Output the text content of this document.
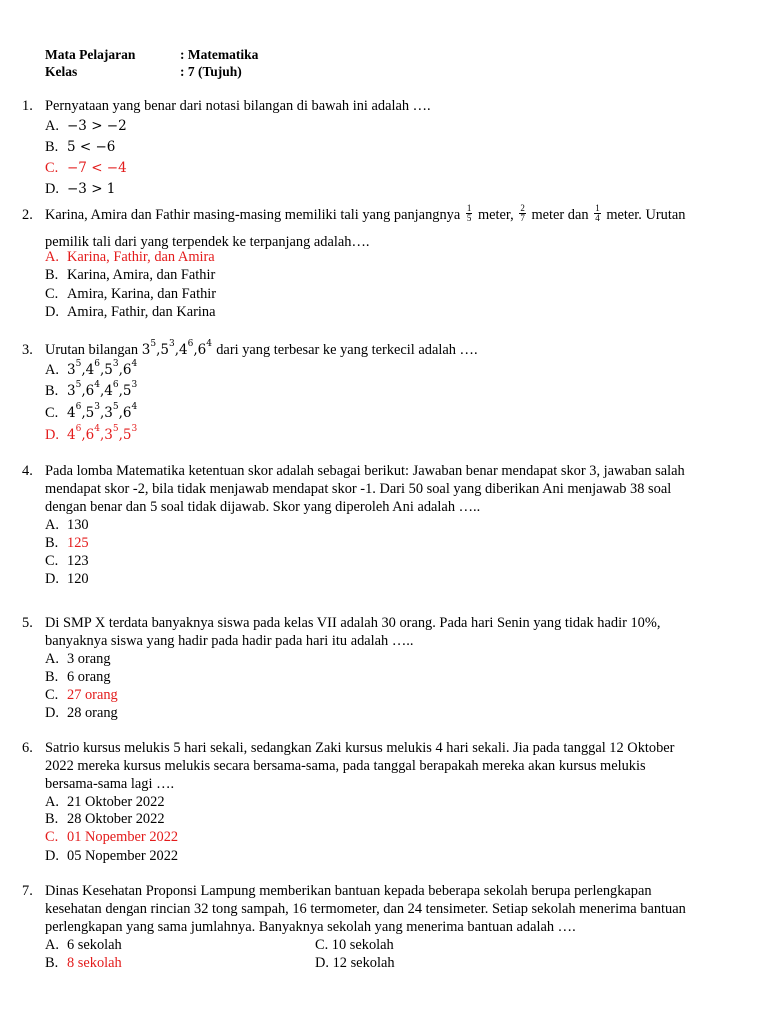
Mata Pelajaran	: Matematika
Kelas	: 7 (Tujuh)
1. Pernyataan yang benar dari notasi bilangan di bawah ini adalah ….
A. −3 > −2
B. 5 < −6
C. −7 < −4
D. −3 > 1
2. Karina, Amira dan Fathir masing-masing memiliki tali yang panjangnya $\frac{1}{5}$ meter, $\frac{2}{7}$ meter dan $\frac{1}{4}$ meter. Urutan
pemilik tali dari yang terpendek ke terpanjang adalah….
A. Karina, Fathir, dan Amira
B. Karina, Amira, dan Fathir
C. Amira, Karina, dan Fathir
D. Amira, Fathir, dan Karina
3. Urutan bilangan $3^5,5^3,4^6,6^4$ dari yang terbesar ke yang terkecil adalah ….
A. $3^5,4^6,5^3,6^4$
B. $3^5,6^4,4^6,5^3$
C. $4^6,5^3,3^5,6^4$
D. $4^6,6^4,3^5,5^3$
4. Pada lomba Matematika ketentuan skor adalah sebagai berikut: Jawaban benar mendapat skor 3, jawaban salah
mendapat skor -2, bila tidak menjawab mendapat skor -1. Dari 50 soal yang diberikan Ani menjawab 38 soal
dengan benar dan 5 soal tidak dijawab. Skor yang diperoleh Ani adalah …..
A. 130
B. 125
C. 123
D. 120
5. Di SMP X terdata banyaknya siswa pada kelas VII adalah 30 orang. Pada hari Senin yang tidak hadir 10%,
banyaknya siswa yang hadir pada hadir pada hari itu adalah …..
A. 3 orang
B. 6 orang
C. 27 orang
D. 28 orang
6. Satrio kursus melukis 5 hari sekali, sedangkan Zaki kursus melukis 4 hari sekali. Jia pada tanggal 12 Oktober
2022 mereka kursus melukis secara bersama-sama, pada tanggal berapakah mereka akan kursus melukis
bersama-sama lagi ….
A. 21 Oktober 2022
B. 28 Oktober 2022
C. 01 Nopember 2022
D. 05 Nopember 2022
7. Dinas Kesehatan Proponsi Lampung memberikan bantuan kepada beberapa sekolah berupa perlengkapan
kesehatan dengan rincian 32 tong sampah, 16 termometer, dan 24 tensimeter. Setiap sekolah menerima bantuan
perlengkapan yang sama jumlahnya. Banyaknya sekolah yang menerima bantuan adalah ….
A. 6 sekolah	C. 10 sekolah
B. 8 sekolah	D. 12 sekolah
